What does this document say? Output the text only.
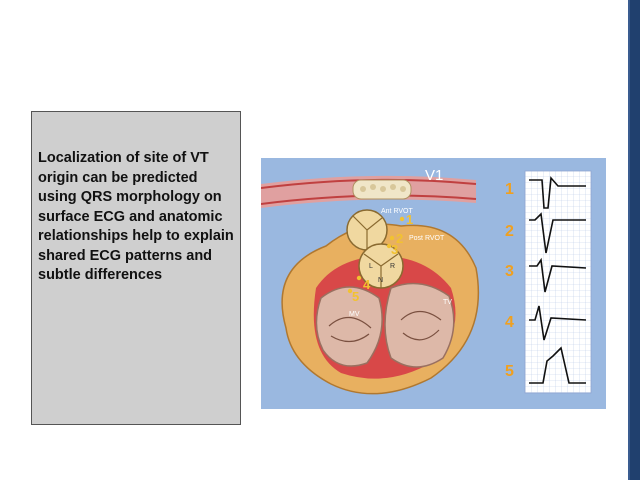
Localization of site of VT origin can be predicted using QRS morphology on surface ECG and anatomic relationships help to explain shared ECG patterns and subtle differences

L R
N
Ant RVOT
Post RVOT
MV
TV
1
2
3
4
5
V1
1
2
3
4
5
